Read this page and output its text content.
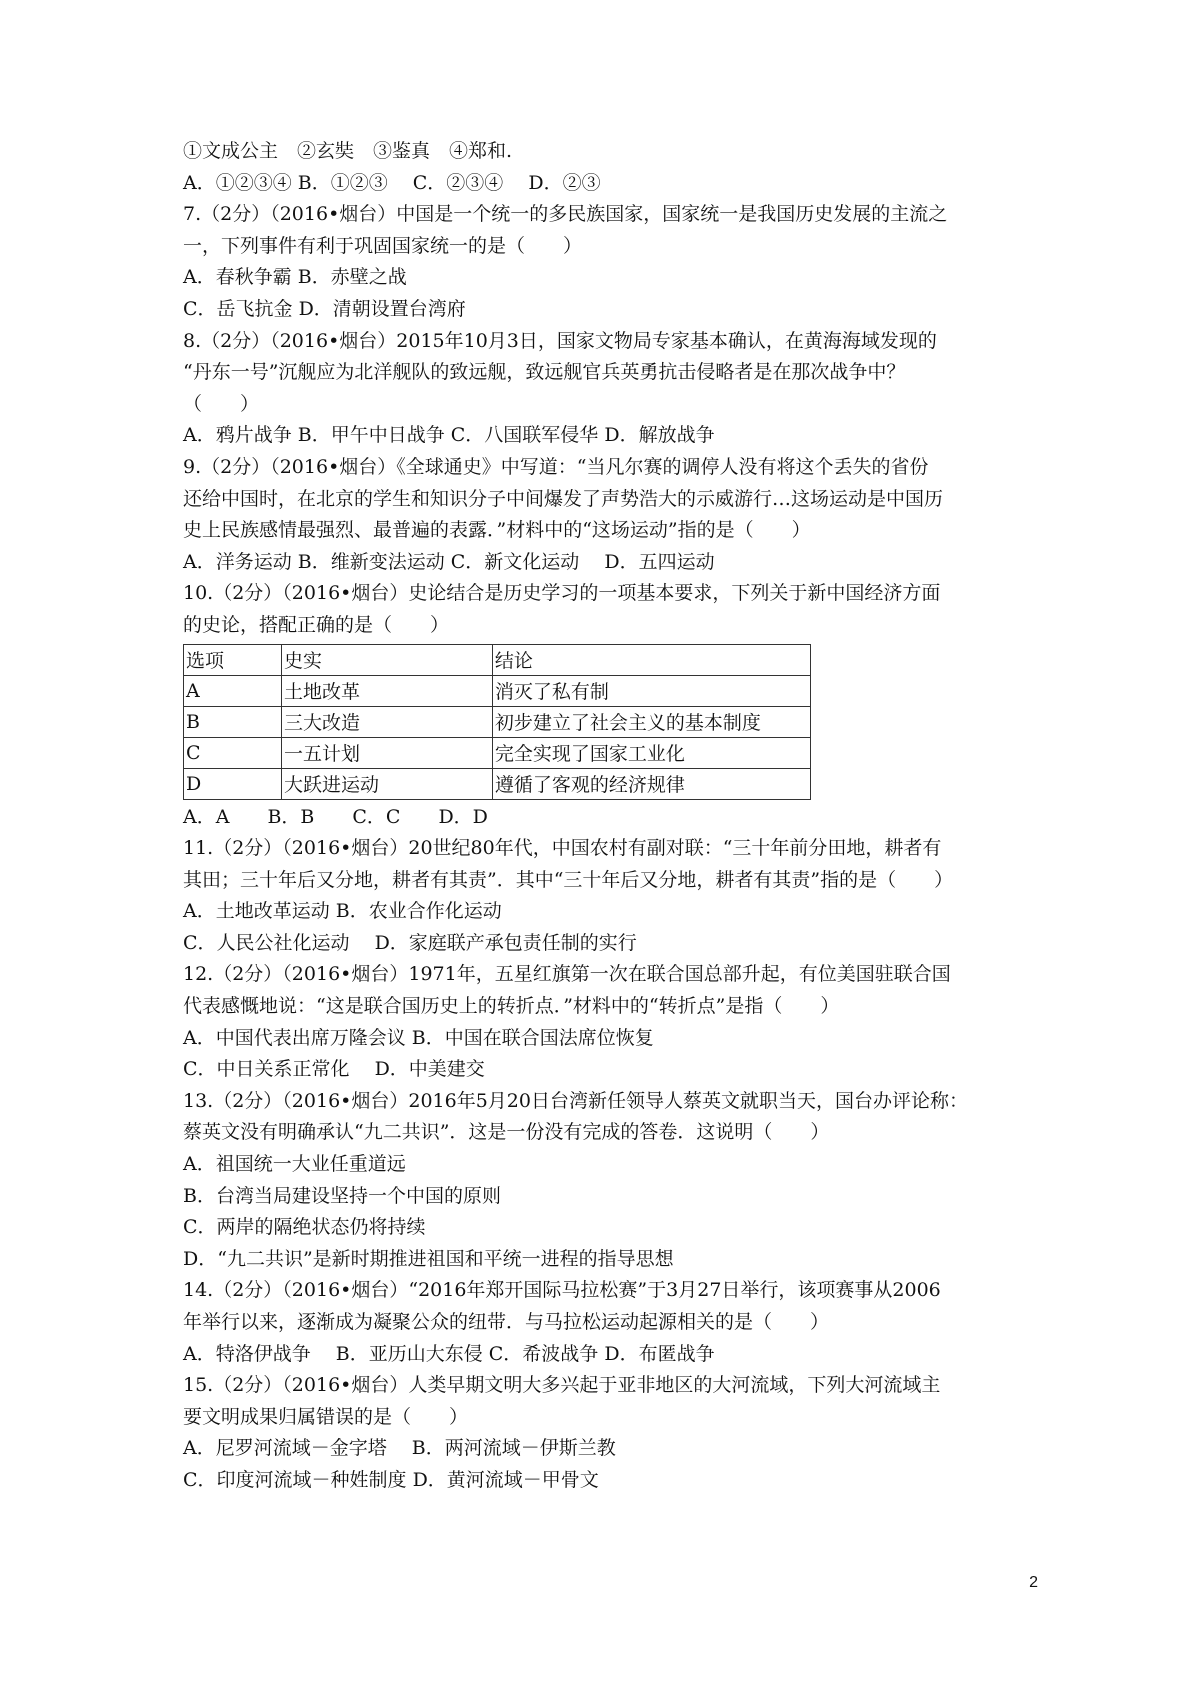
①文成公主　②玄奘　③鉴真　④郑和.
A．①②③④ B．①②③　 C．②③④　 D．②③
7.（2分）（2016•烟台）中国是一个统一的多民族国家，国家统一是我国历史发展的主流之
一，下列事件有利于巩固国家统一的是（　　）
A．春秋争霸 B．赤壁之战
C．岳飞抗金 D．清朝设置台湾府
8.（2分）（2016•烟台）2015年10月3日，国家文物局专家基本确认，在黄海海域发现的
“丹东一号”沉舰应为北洋舰队的致远舰，致远舰官兵英勇抗击侵略者是在那次战争中？
（　　）
A．鸦片战争 B．甲午中日战争 C．八国联军侵华 D．解放战争
9.（2分）（2016•烟台）《全球通史》中写道：“当凡尔赛的调停人没有将这个丢失的省份
还给中国时，在北京的学生和知识分子中间爆发了声势浩大的示威游行…这场运动是中国历
史上民族感情最强烈、最普遍的表露．”材料中的“这场运动”指的是（　　）
A．洋务运动 B．维新变法运动 C．新文化运动　 D．五四运动
10.（2分）（2016•烟台）史论结合是历史学习的一项基本要求，下列关于新中国经济方面
的史论，搭配正确的是（　　）
选项	史实	结论
A	土地改革	消灭了私有制
B	三大改造	初步建立了社会主义的基本制度
C	一五计划	完全实现了国家工业化
D	大跃进运动	遵循了客观的经济规律
A．A　　B．B　　C．C　　D．D
11.（2分）（2016•烟台）20世纪80年代，中国农村有副对联：“三十年前分田地，耕者有
其田；三十年后又分地，耕者有其责”．其中“三十年后又分地，耕者有其责”指的是（　　）
A．土地改革运动 B．农业合作化运动
C．人民公社化运动　 D．家庭联产承包责任制的实行
12.（2分）（2016•烟台）1971年，五星红旗第一次在联合国总部升起，有位美国驻联合国
代表感慨地说：“这是联合国历史上的转折点．”材料中的“转折点”是指（　　）
A．中国代表出席万隆会议 B．中国在联合国法席位恢复
C．中日关系正常化　 D．中美建交
13.（2分）（2016•烟台）2016年5月20日台湾新任领导人蔡英文就职当天，国台办评论称：
蔡英文没有明确承认“九二共识”．这是一份没有完成的答卷．这说明（　　）
A．祖国统一大业任重道远
B．台湾当局建设坚持一个中国的原则
C．两岸的隔绝状态仍将持续
D．“九二共识”是新时期推进祖国和平统一进程的指导思想
14.（2分）（2016•烟台）“2016年郑开国际马拉松赛”于3月27日举行，该项赛事从2006
年举行以来，逐渐成为凝聚公众的纽带．与马拉松运动起源相关的是（　　）
A．特洛伊战争　 B．亚历山大东侵 C．希波战争 D．布匿战争
15.（2分）（2016•烟台）人类早期文明大多兴起于亚非地区的大河流域，下列大河流域主
要文明成果归属错误的是（　　）
A．尼罗河流域－金字塔　 B．两河流域－伊斯兰教
C．印度河流域－种姓制度 D．黄河流域－甲骨文
2
